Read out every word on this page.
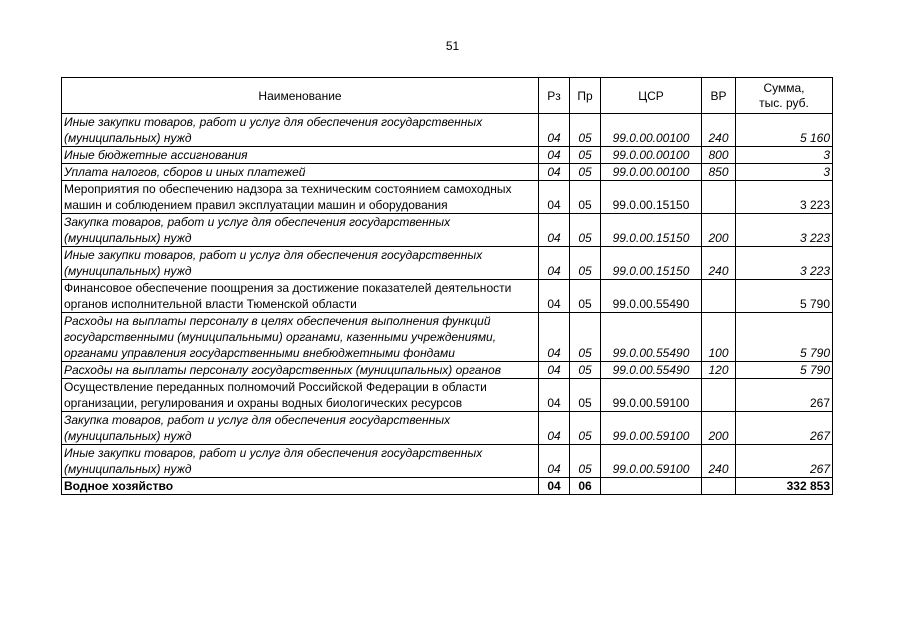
51
Наименование	Рз	Пр	ЦСР	ВР	Сумма,
тыс. руб.

Иные закупки товаров, работ и услуг для обеспечения государственных (муниципальных) нужд	04	05	99.0.00.00100	240	5 160
Иные бюджетные ассигнования	04	05	99.0.00.00100	800	3
Уплата налогов, сборов и иных платежей	04	05	99.0.00.00100	850	3
Мероприятия по обеспечению надзора за техническим состоянием самоходных машин и соблюдением правил эксплуатации машин и оборудования	04	05	99.0.00.15150		3 223
Закупка товаров, работ и услуг для обеспечения государственных (муниципальных) нужд	04	05	99.0.00.15150	200	3 223
Иные закупки товаров, работ и услуг для обеспечения государственных (муниципальных) нужд	04	05	99.0.00.15150	240	3 223
Финансовое обеспечение поощрения за достижение показателей деятельности органов исполнительной власти Тюменской области	04	05	99.0.00.55490		5 790
Расходы на выплаты персоналу в целях обеспечения выполнения функций государственными (муниципальными) органами, казенными учреждениями, органами управления государственными внебюджетными фондами	04	05	99.0.00.55490	100	5 790
Расходы на выплаты персоналу государственных (муниципальных) органов	04	05	99.0.00.55490	120	5 790
Осуществление переданных полномочий Российской Федерации в области организации, регулирования и охраны водных биологических ресурсов	04	05	99.0.00.59100		267
Закупка товаров, работ и услуг для обеспечения государственных (муниципальных) нужд	04	05	99.0.00.59100	200	267
Иные закупки товаров, работ и услуг для обеспечения государственных (муниципальных) нужд	04	05	99.0.00.59100	240	267
Водное хозяйство	04	06			332 853
